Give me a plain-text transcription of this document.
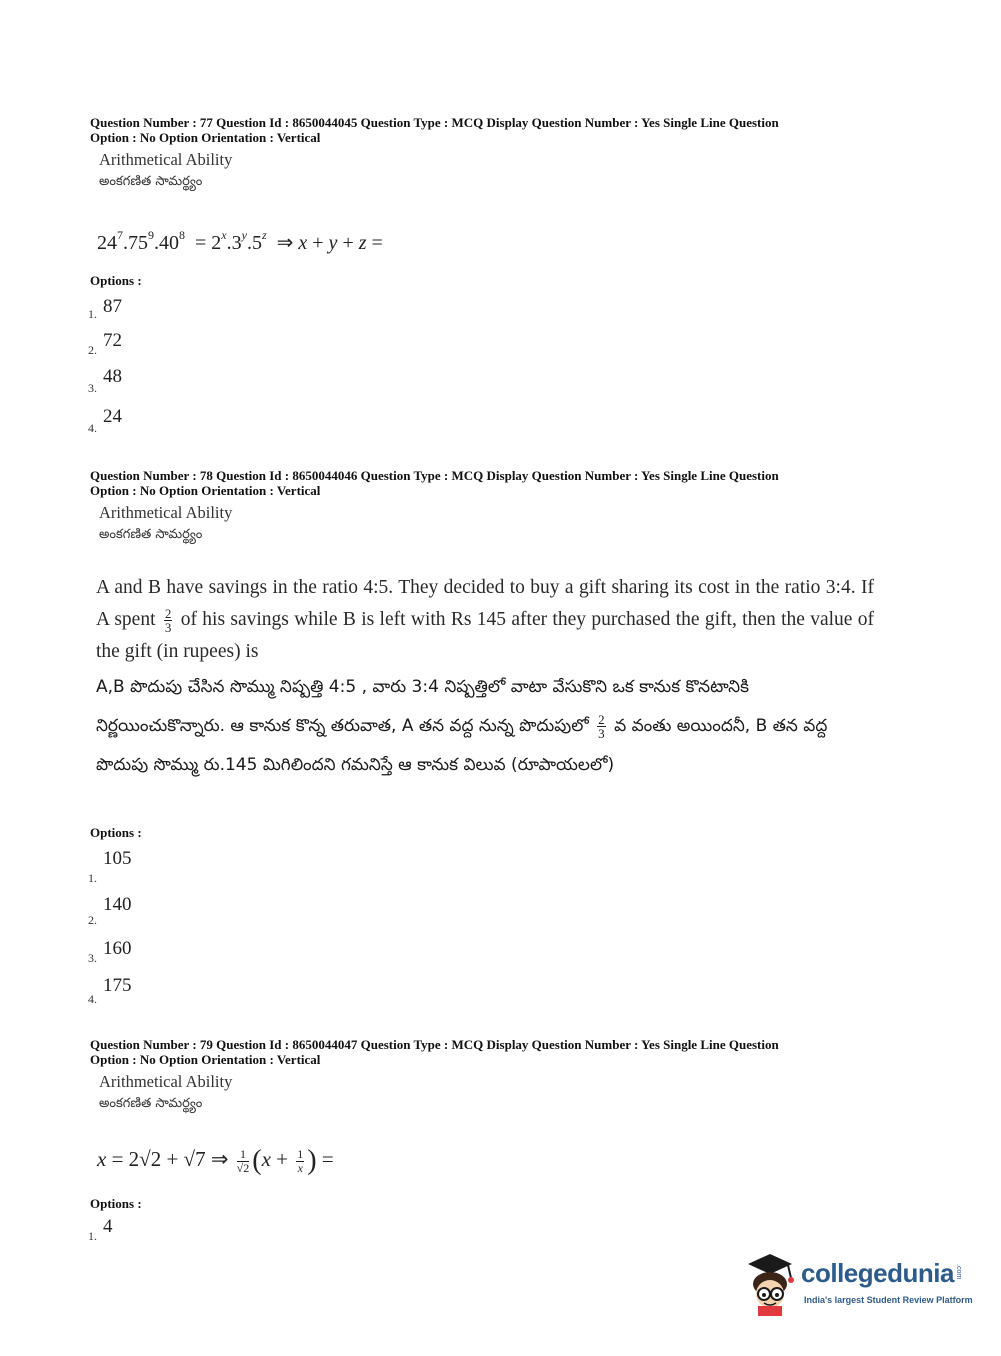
Question Number : 77 Question Id : 8650044045 Question Type : MCQ Display Question Number : Yes Single Line Question
Option : No Option Orientation : Vertical
Arithmetical Ability
అంకగణిత సామర్థ్యం
$24^7.75^9.40^8 = 2^x.3^y.5^z$  ⇒ x + y + z =
Options :
$_{1.}$ 87
$_{2.}$ 72
$_{3.}$48
$_{4.}$24
Question Number : 78 Question Id : 8650044046 Question Type : MCQ Display Question Number : Yes Single Line Question
Option : No Option Orientation : Vertical
Arithmetical Ability
అంకగణిత సామర్థ్యం
A and B have savings in the ratio 4:5. They decided to buy a gift sharing its cost in the ratio 3:4. If A spent $\frac{2}{3}$ of his savings while B is left with Rs 145 after they purchased the gift, then the value of the gift (in rupees) is
A,B పొదుపు చేసిన సొమ్ము నిష్పత్తి 4:5 , వారు 3:4 నిష్పత్తిలో వాటా వేసుకొని ఒక కానుక కొనటానికి నిర్ణయించుకొన్నారు. ఆ కానుక కొన్న తరువాత, A తన వద్ద నున్న పొదుపులో $\frac{2}{3}$ వ వంతు అయిందనీ, B తన వద్ద పొదుపు సొమ్ము రు.145 మిగిలిందని గమనిస్తే ఆ కానుక విలువ (రూపాయలలో)
Options :
$_{1.}$105
$_{2.}$140
$_{3.}$ 160
$_{4.}$175
Question Number : 79 Question Id : 8650044047 Question Type : MCQ Display Question Number : Yes Single Line Question
Option : No Option Orientation : Vertical
Arithmetical Ability
అంకగణిత సామర్థ్యం
x = 2√2 + √7 ⇒ $\frac{1}{√2} (x + \frac{1}{x}$ ) =
Options :
$_{1.}$ 4
collegedunia .com
India's largest Student Review Platform
